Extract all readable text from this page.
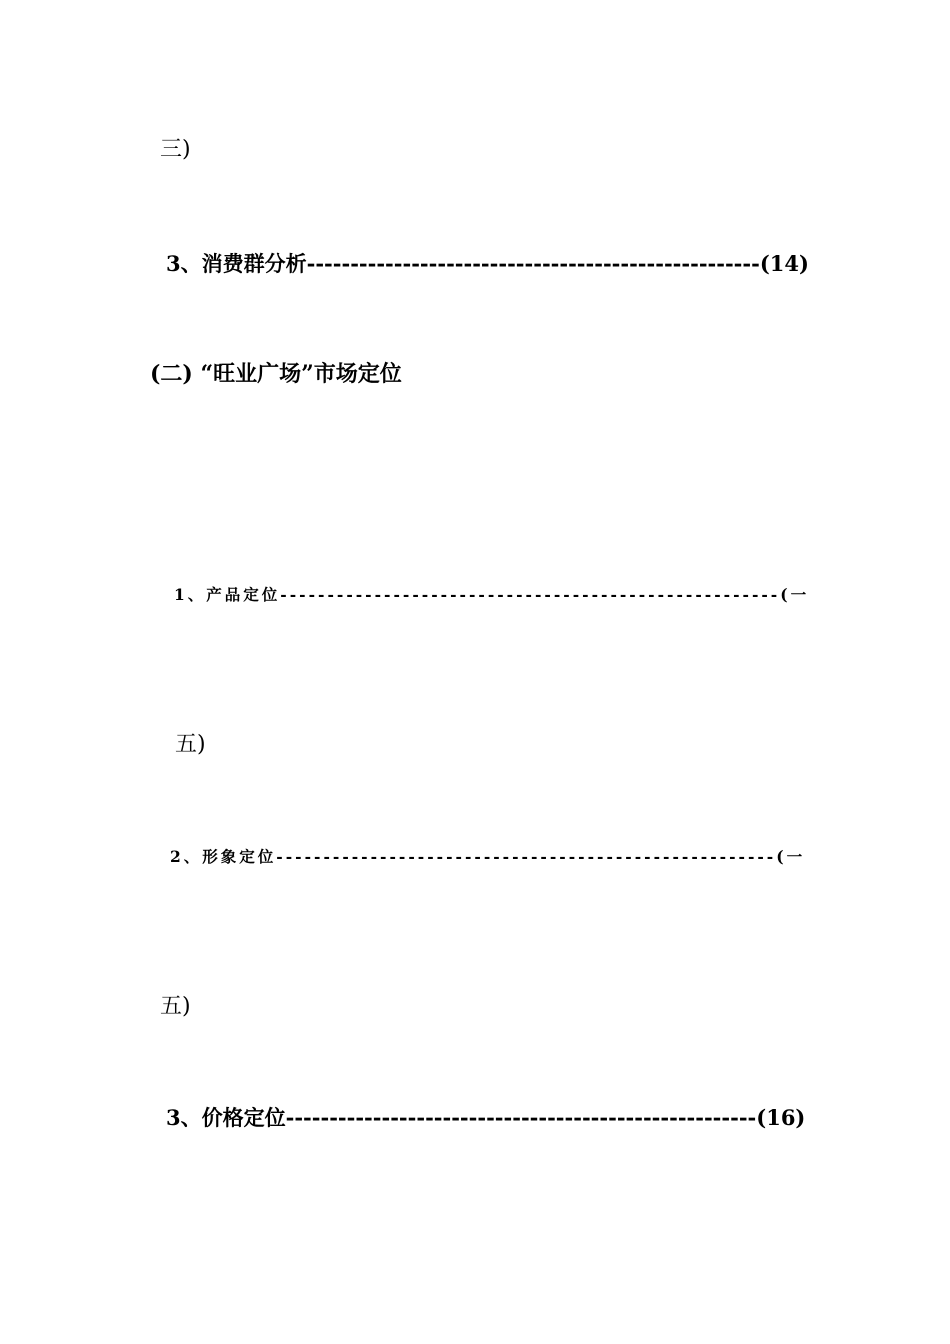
三)
3、消费群分析----------------------------------------------------(14)
(二) “旺业广场”市场定位
1、产品定位-----------------------------------------------------(一
五)
2、形象定位-----------------------------------------------------(一
五)
3、价格定位------------------------------------------------------(16)
